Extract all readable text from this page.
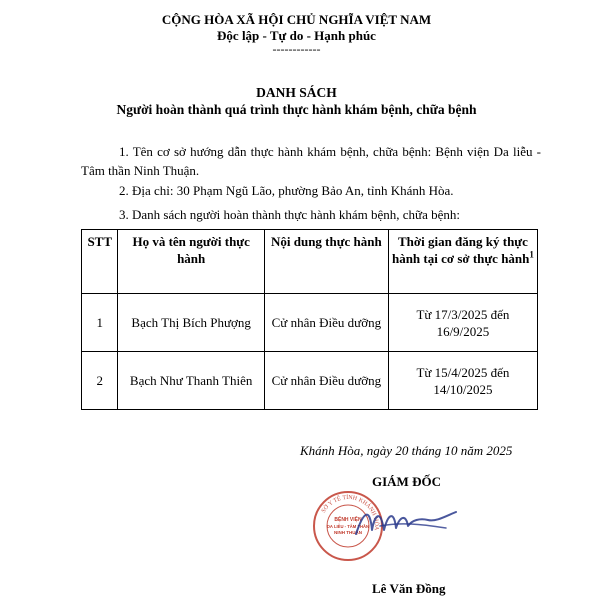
CỘNG HÒA XÃ HỘI CHỦ NGHĨA VIỆT NAM
Độc lập - Tự do - Hạnh phúc
------------
DANH SÁCH
Người hoàn thành quá trình thực hành khám bệnh, chữa bệnh
1. Tên cơ sở hướng dẫn thực hành khám bệnh, chữa bệnh: Bệnh viện Da liễu - Tâm thần Ninh Thuận.
2. Địa chỉ: 30 Phạm Ngũ Lão, phường Bảo An, tỉnh Khánh Hòa.
3. Danh sách người hoàn thành thực hành khám bệnh, chữa bệnh:
STT	Họ và tên người thực hành	Nội dung thực hành	Thời gian đăng ký thực hành tại cơ sở thực hành$^1$
1	Bạch Thị Bích Phượng	Cử nhân Điều dưỡng	Từ 17/3/2025 đến 16/9/2025
2	Bạch Như Thanh Thiên	Cử nhân Điều dưỡng	Từ 15/4/2025 đến 14/10/2025
Khánh Hòa, ngày 20 tháng 10 năm 2025
GIÁM ĐỐC
SỞ Y TẾ TỈNH KHÁNH HÒA
BỆNH VIỆN
DA LIỄU - TÂM THẦN
NINH THUẬN
Lê Văn Đồng
